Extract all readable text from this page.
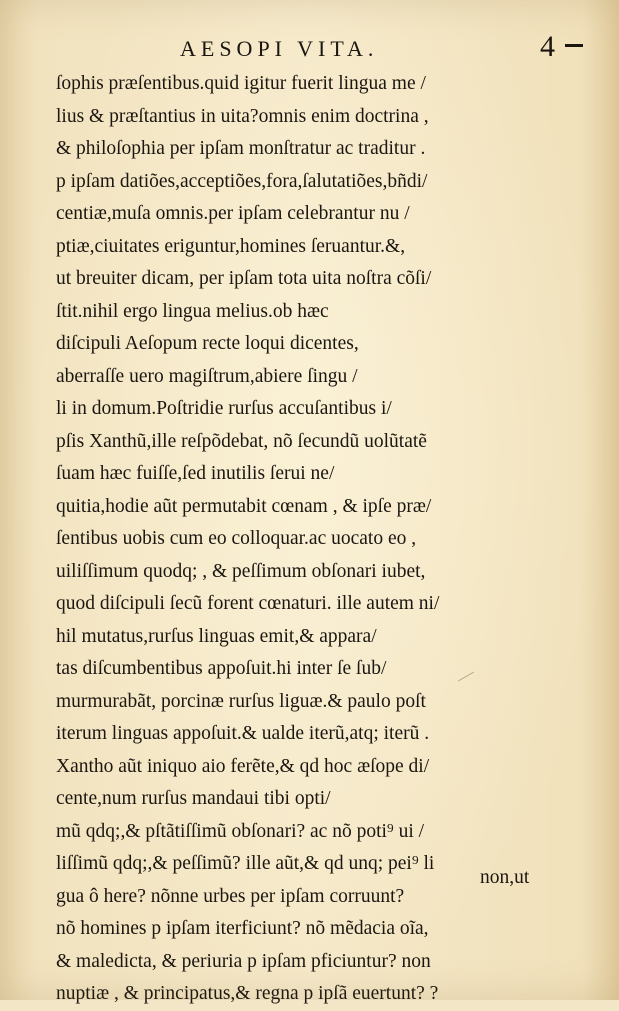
AESOPI VITA.	4
ſophis præſentibus.quid igitur fuerit lingua me /
lius & præſtantius in uita?omnis enim doctrina ,
& philoſophia per ipſam monſtratur ac traditur .
p ipſam datiões,acceptiões,fora,ſalutatiões,bñdi/
centiæ,muſa omnis.per ipſam celebrantur nu /
ptiæ,ciuitates eriguntur,homines ſeruantur.&,
ut breuiter dicam, per ipſam tota uita noſtra cõſi/
ſtit.nihil ergo lingua melius.ob hæc
diſcipuli Aeſopum recte loqui dicentes,
aberraſſe uero magiſtrum,abiere ſingu /
li in domum.Poſtridie rurſus accuſantibus i/
pſis Xanthũ,ille reſpõdebat, nõ ſecundũ uolũtatẽ
ſuam hæc fuiſſe,ſed inutilis ſerui ne/
quitia,hodie aũt permutabit cœnam , & ipſe præ/
ſentibus uobis cum eo colloquar.ac uocato eo ,
uiliſſimum quodq; , & peſſimum obſonari iubet,
quod diſcipuli ſecũ forent cœnaturi. ille autem ni/
hil mutatus,rurſus linguas emit,& appara/
tas diſcumbentibus appoſuit.hi inter ſe ſub/
murmurabãt, porcinæ rurſus liguæ.& paulo poſt
iterum linguas appoſuit.& ualde iterũ,atq; iterũ .
Xantho aũt iniquo aio ferẽte,& qd hoc æſope di/
cente,num rurſus mandaui tibi opti/
mũ qdq;,& pſtãtiſſimũ obſonari? ac nõ poti⁹ ui /
liſſimũ qdq;,& peſſimũ? ille aũt,& qd unq; pei⁹ li
gua ô here? nõnne urbes per ipſam corruunt?
nõ homines p ipſam iterficiunt? nõ mẽdacia oĩa,
& maledicta, & periuria p ipſam pficiuntur? non
nuptiæ , & principatus,& regna p ipſã euertunt? ?
non,ut
